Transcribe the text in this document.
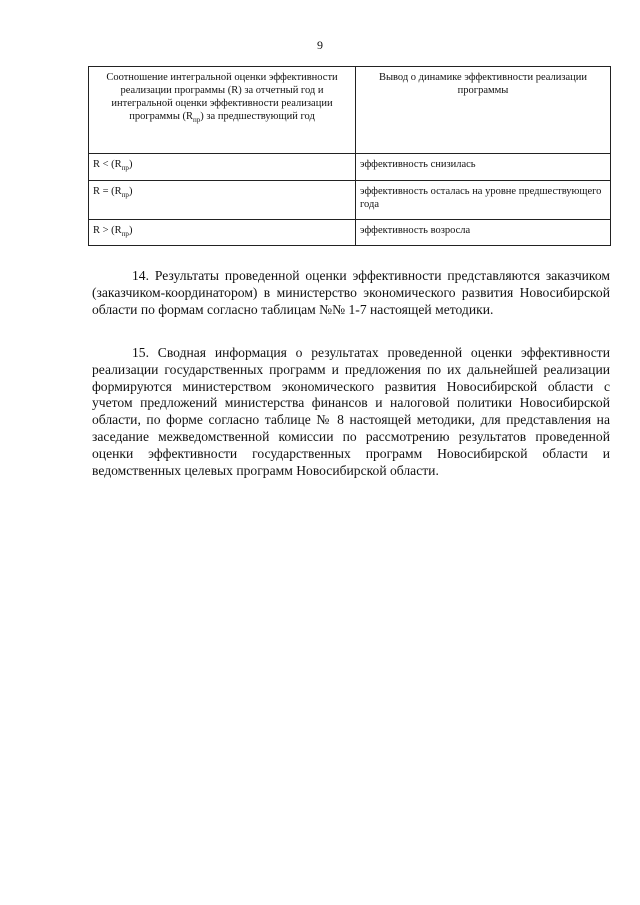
9
Соотношение интегральной оценки эффективности реализации программы (R) за отчетный год и интегральной оценки эффективности реализации программы $(R_{пр})$ за предшествующий год	Вывод о динамике эффективности реализации программы
$R < (R_{пр})$	эффективность снизилась
$R = (R_{пр})$	эффективность осталась на уровне предшествующего года
$R > (R_{пр})$	эффективность возросла

14. Результаты проведенной оценки эффективности представляются заказчиком (заказчиком-координатором) в министерство экономического развития Новосибирской области по формам согласно таблицам №№ 1-7 настоящей методики.

15. Сводная информация о результатах проведенной оценки эффективности реализации государственных программ и предложения по их дальнейшей реализации формируются министерством экономического развития Новосибирской области с учетом предложений министерства финансов и налоговой политики Новосибирской области, по форме согласно таблице № 8 настоящей методики, для представления на заседание межведомственной комиссии по рассмотрению результатов проведенной оценки эффективности государственных программ Новосибирской области и ведомственных целевых программ Новосибирской области.
